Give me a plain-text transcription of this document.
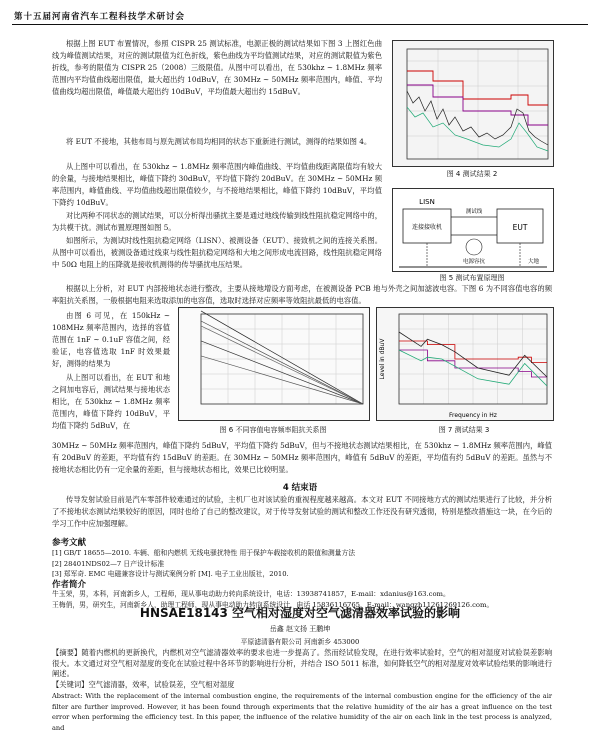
第十五届河南省汽车工程科技学术研讨会

根据上图 EUT 布置情况，参照 CISPR 25 测试标准，电源正极的测试结果如下图 3 上图红色曲线为峰值测试结果，对应的测试限值为红色折线，紫色曲线为平均值测试结果，对应的测试限值为紫色折线，参考的限值为 CISPR 25（2008）三级限值。从图中可以看出，在 530khz ~ 1.8MHz 频率范围内平均值曲线超出限值，最大超出约 10dBuV，在 30MHz ~ 50MHz 频率范围内，峰值、平均值曲线均超出限值，峰值最大超出约 10dBuV，平均值最大超出约 15dBuV。

将 EUT 不接地，其他布局与原先测试布局均相同的状态下重新进行测试，测得的结果如图 4。

从上图中可以看出，在 530khz ~ 1.8MHz 频率范围内峰值曲线、平均值曲线距离限值均有较大的余量，与接地结果相比，峰值下降约 30dBuV，平均值下降约 20dBuV。在 30MHz ~ 50MHz 频率范围内，峰值曲线、平均值曲线超出限值较少，与不接地结果相比，峰值下降约 10dBuV，平均值下降约 10dBuV。

对比两种不同状态的测试结果，可以分析得出骚扰主要是通过地线传输到线性阻抗稳定网络中的，为共模干扰。测试布置原理图如图 5。

如图所示，为测试时线性阻抗稳定网络（LISN）、被测设备（EUT）、接致机之间的连接关系图。从图中可以看出，被测设备通过线束与线性阻抗稳定网络和大地之间形成电流回路，线性阻抗稳定网络中 50Ω 电阻上的压降就是接收机测得的传导骚扰电压结果。

根据以上分析，对 EUT 内部接地状态进行整改，主要从接地增设方面考虑，在被测设备 PCB 地与外壳之间加滤波电容。下图 6 为不同容值电容的频率阻抗关系图，一般根据电阻来选取添加的电容值，选取时选择对应频率等效阻抗最低的电容值。

图 4 测试结果 2
LISN
连接接收机	EUT
测试线
电源容抗	大地
图 5 测试布置原理图

由图 6 可见，在 150kHz ~ 108MHz 频率范围内，选择的容值范围在 1nF ~ 0.1uF 容值之间，经验证，电容值选取 1nF 时效果最好，测得的结果为

从上图可以看出，在 EUT 和地之间加电容后，测试结果与接地状态相比，在 530khz ~ 1.8MHz 频率范围内，峰值下降约 10dBuV，平均值下降约 5dBuV，在	图 6 不同容值电容频率阻抗关系图
Frequency in Hz
Level in dBuV
图 7 测试结果 3

30MHz ~ 50MHz 频率范围内，峰值下降约 5dBuV，平均值下降约 5dBuV，但与不接地状态测试结果相比，在 530khz ~ 1.8MHz 频率范围内，峰值有 20dBuV 的差距，平均值有约 15dBuV 的差距。在 30MHz ~ 50MHz 频率范围内，峰值有 5dBuV 的差距，平均值有约 5dBuV 的差距。虽然与不接地状态相比仍有一定余量的差距，但与接地状态相比，效果已比较明显。

4 结束语

传导发射试验目前是汽车零部件较难通过的试验，主机厂也对该试验的重视程度越来越高。本文对 EUT 不同接地方式的测试结果进行了比较，并分析了不接地状态测试结果较好的原因，同时也给了自己的整改建议，对于传导发射试验的测试和整改工作还没有研究透彻，特别是整改措施这一块，在今后的学习工作中应加强理解。

参考文献
[1] GB/T 18655—2010. 车辆、船和内燃机 无线电骚扰特性 用于保护车载接收机的限值和测量方法
[2] 28401NDS02—7 日产设计标准
[3] 郑军奇. EMC 电磁兼容设计与测试案例分析 [M]. 电子工业出版社，2010.
作者简介
牛玉荣，男，本科，河南新乡人，工程师，现从事电动助力转向系统设计，电话：13938741857，E-mail：xdanius@163.com。
王梅俏，男，研究生，河南新乡人，助理工程师，现从事电动助力转向系统设计，电话 15836116765，E-mail：wangzh11261269126.com。
HNSAE18143 空气相对湿度对空气滤清器效率试验的影响
岳鑫 赵文扬 王鹏坤
平原滤清器有限公司 河南新乡 453000

【摘要】随着内燃机的更新换代，内燃机对空气滤清器效率的要求也进一步提高了。然而经试验发现，在进行效率试验时，空气的相对湿度对试验误差影响很大。本文通过对空气相对湿度的变化在试验过程中各环节的影响进行分析，并结合 ISO 5011 标准，如何降低空气的相对湿度对效率试验结果的影响进行阐述。

【关键词】空气滤清器，效率，试验误差，空气相对湿度

Abstract: With the replacement of the internal combustion engine, the requirements of the internal combustion engine for the efficiency of the air filter are further improved. However, it has been found through experiments that the relative humidity of the air has a great influence on the test error when performing the efficiency test. In this paper, the influence of the relative humidity of the air on each link in the test process is analyzed, and
